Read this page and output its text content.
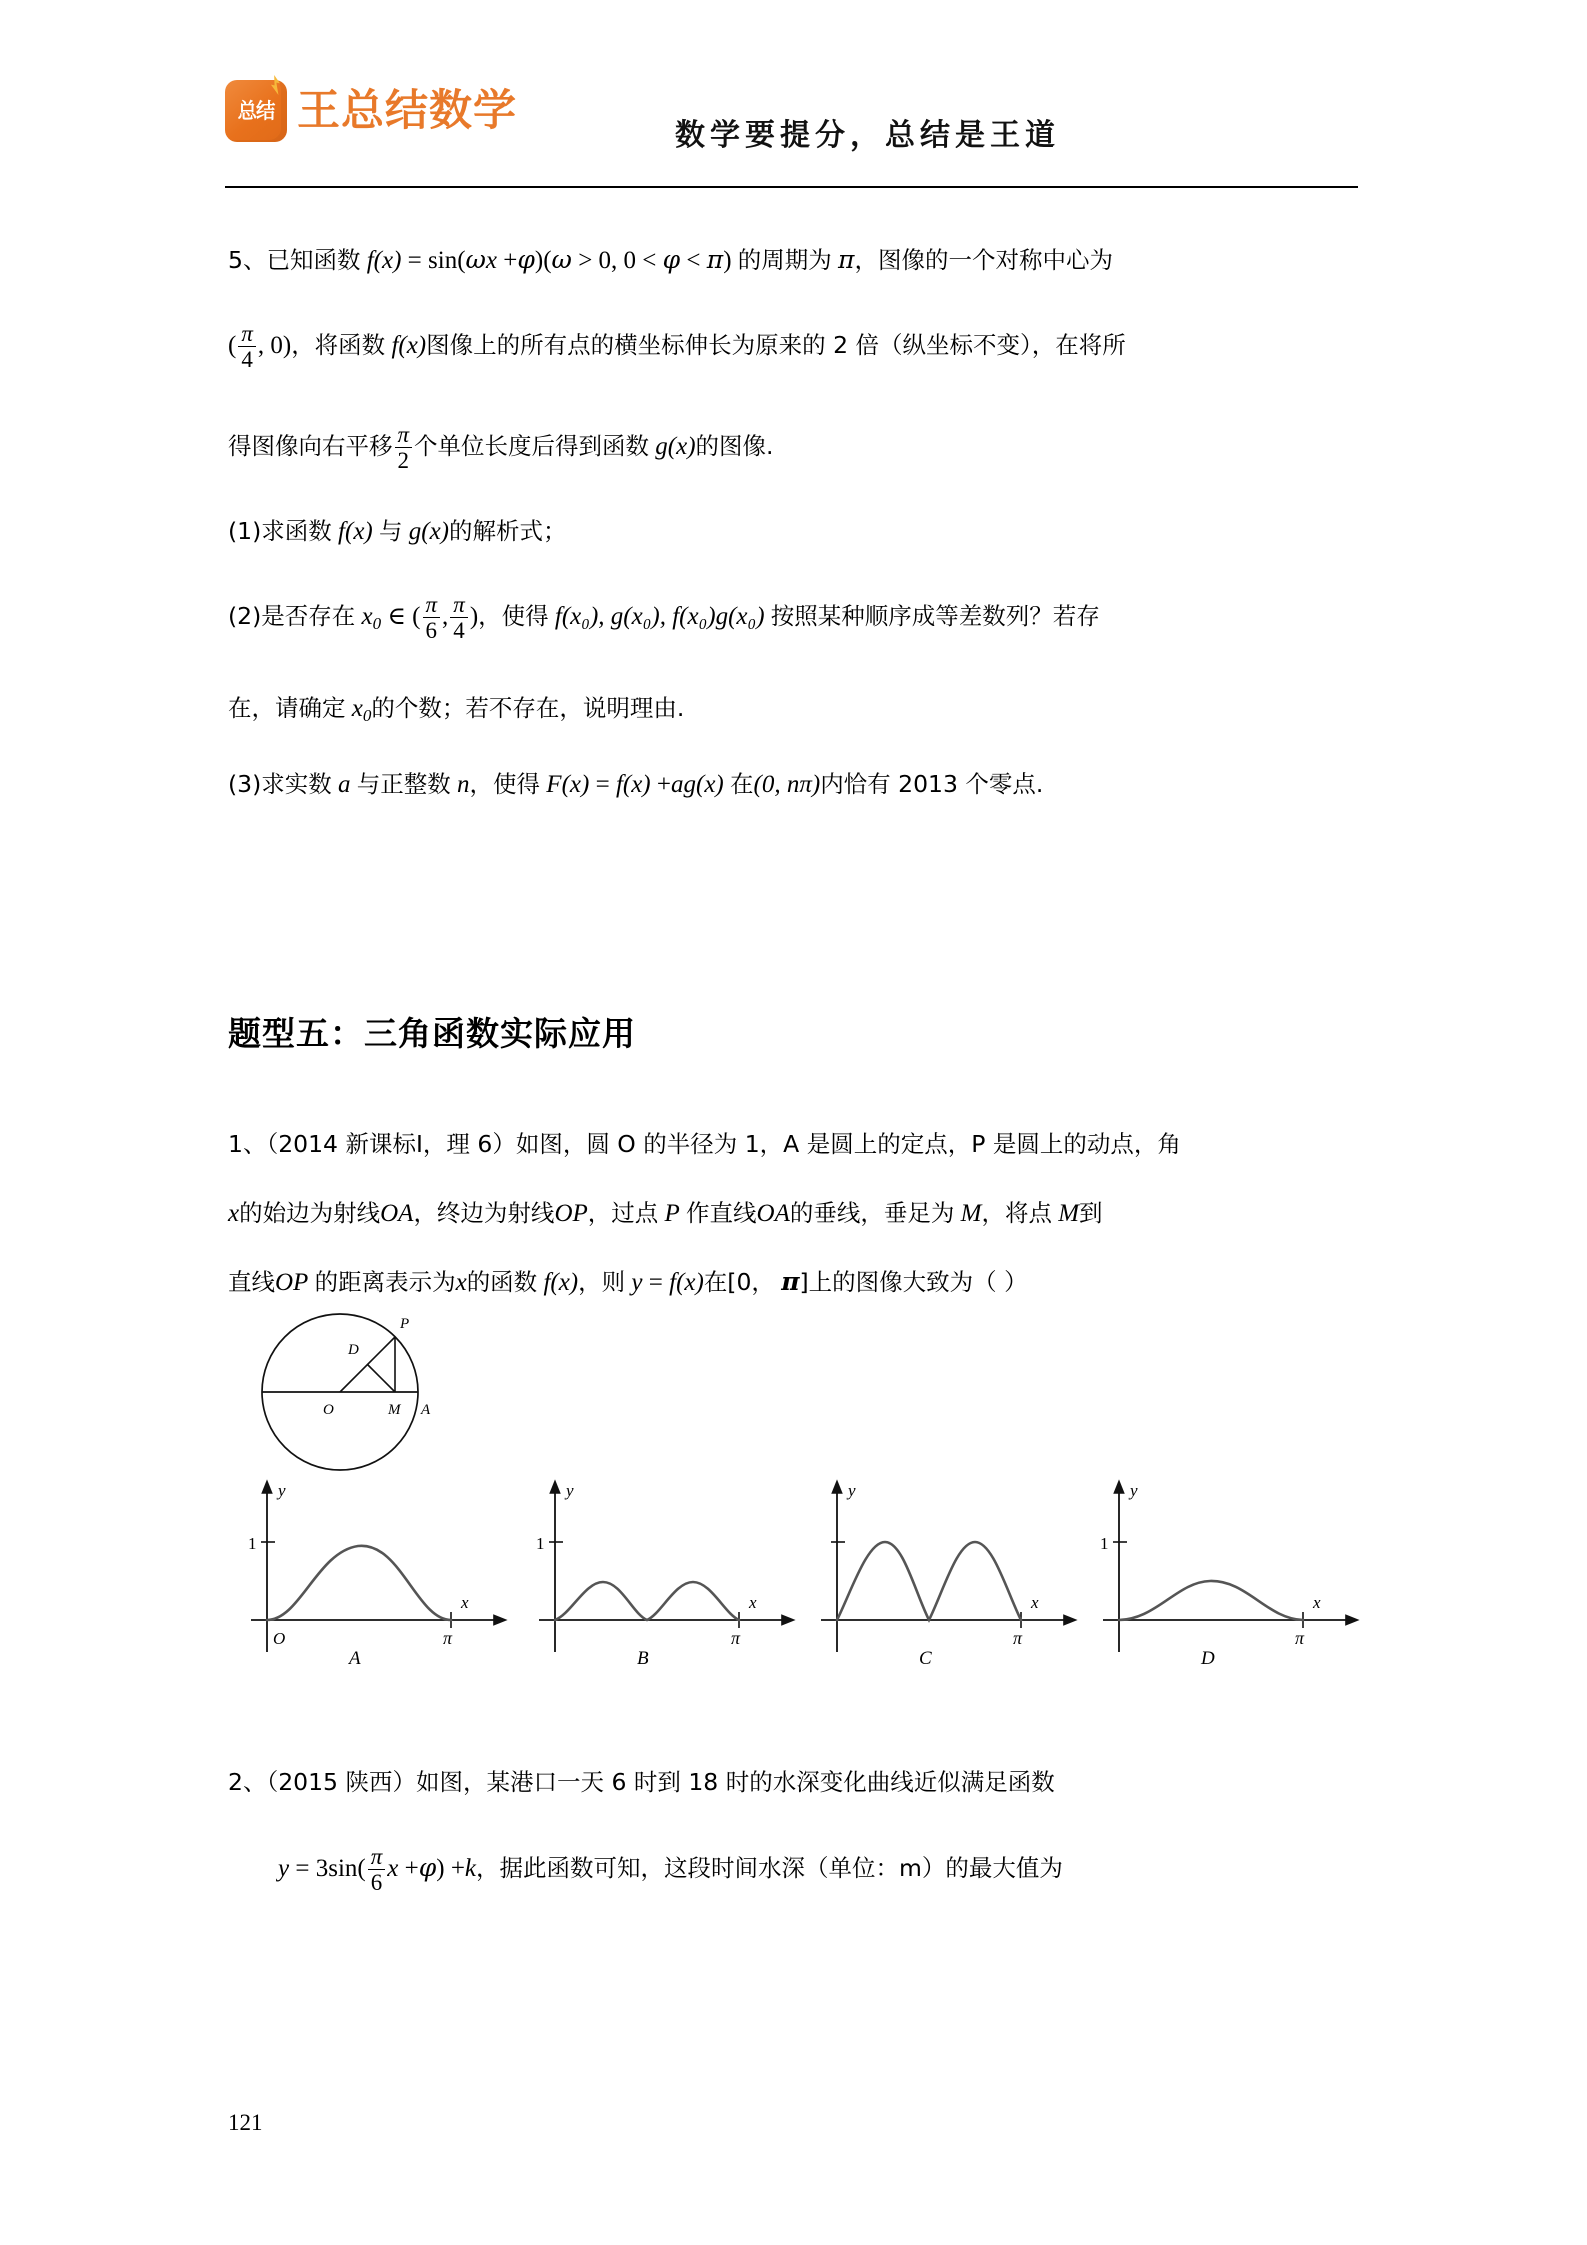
总结 王总结数学	数学要提分，总结是王道

5、已知函数 f(x) = sin(ωx +φ)(ω > 0, 0 < φ < π) 的周期为 π，图像的一个对称中心为

( $\frac{\pi}{4}$ , 0)，将函数 f(x)图像上的所有点的横坐标伸长为原来的 2 倍（纵坐标不变），在将所

得图像向右平移 $\frac{\pi}{2}$ 个单位长度后得到函数 g(x)的图像.

(1)求函数 f(x) 与 g(x)的解析式；

(2)是否存在 $x_0$ ∈ ( $\frac{\pi}{6}$ , $\frac{\pi}{4}$ )，使得 f(x₀), g(x₀), f(x₀)g(x₀) 按照某种顺序成等差数列？若存

在，请确定 $x_0$的个数；若不存在，说明理由.

(3)求实数 a 与正整数 n，使得 F(x) = f(x) +ag(x) 在(0, nπ)内恰有 2013 个零点.

题型五：三角函数实际应用

1、（2014 新课标Ⅰ，理 6）如图，圆 O 的半径为 1，A 是圆上的定点，P 是圆上的动点，角

x的始边为射线OA，终边为射线OP，过点 P 作直线OA的垂线，垂足为 M，将点 M到

直线OP 的距离表示为x的函数 f(x)，则 y = f(x)在[0， π]上的图像大致为（ ）

O	A
P
M
D
y
x
1
π
O
A
y
x
1
π
B
y
x
π
C
y
x
1
π
D

2、（2015 陕西）如图，某港口一天 6 时到 18 时的水深变化曲线近似满足函数

$y = 3\sin( \frac{\pi}{6}$ x +φ) +k，据此函数可知，这段时间水深（单位：m）的最大值为

121
